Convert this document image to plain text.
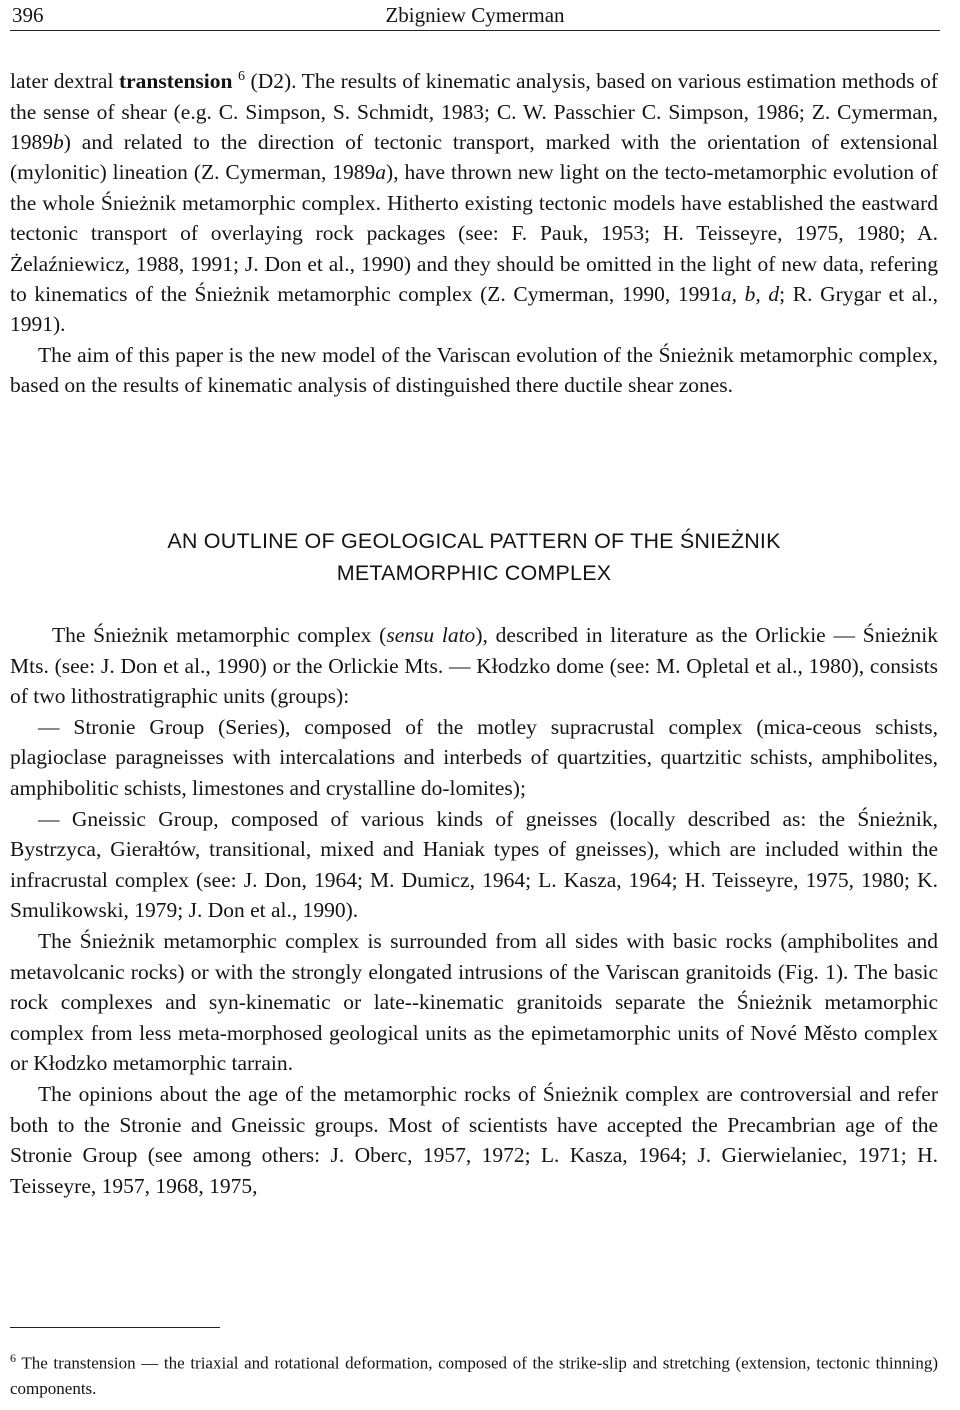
396	Zbigniew Cymerman

later dextral transtension $^6$ (D2). The results of kinematic analysis, based on various estimation methods of the sense of shear (e.g. C. Simpson, S. Schmidt, 1983; C. W. Passchier C. Simpson, 1986; Z. Cymerman, 1989b) and related to the direction of tectonic transport, marked with the orientation of extensional (mylonitic) lineation (Z. Cymerman, 1989a), have thrown new light on the tecto-metamorphic evolution of the whole Śnieżnik metamorphic complex. Hitherto existing tectonic models have established the eastward tectonic transport of overlaying rock packages (see: F. Pauk, 1953; H. Teisseyre, 1975, 1980; A. Żelaźniewicz, 1988, 1991; J. Don et al., 1990) and they should be omitted in the light of new data, refering to kinematics of the Śnieżnik metamorphic complex (Z. Cymerman, 1990, 1991a, b, d; R. Grygar et al., 1991).

The aim of this paper is the new model of the Variscan evolution of the Śnieżnik metamorphic complex, based on the results of kinematic analysis of distinguished there ductile shear zones.

AN OUTLINE OF GEOLOGICAL PATTERN OF THE ŚNIEŻNIK
METAMORPHIC COMPLEX

The Śnieżnik metamorphic complex (sensu lato), described in literature as the Orlickie — Śnieżnik Mts. (see: J. Don et al., 1990) or the Orlickie Mts. — Kłodzko dome (see: M. Opletal et al., 1980), consists of two lithostratigraphic units (groups):

— Stronie Group (Series), composed of the motley supracrustal complex (mica-ceous schists, plagioclase paragneisses with intercalations and interbeds of quartzities, quartzitic schists, amphibolites, amphibolitic schists, limestones and crystalline do-lomites);

— Gneissic Group, composed of various kinds of gneisses (locally described as: the Śnieżnik, Bystrzyca, Gierałtów, transitional, mixed and Haniak types of gneisses), which are included within the infracrustal complex (see: J. Don, 1964; M. Dumicz, 1964; L. Kasza, 1964; H. Teisseyre, 1975, 1980; K. Smulikowski, 1979; J. Don et al., 1990).

The Śnieżnik metamorphic complex is surrounded from all sides with basic rocks (amphibolites and metavolcanic rocks) or with the strongly elongated intrusions of the Variscan granitoids (Fig. 1). The basic rock complexes and syn-kinematic or late--kinematic granitoids separate the Śnieżnik metamorphic complex from less meta-morphosed geological units as the epimetamorphic units of Nové Město complex or Kłodzko metamorphic tarrain.

The opinions about the age of the metamorphic rocks of Śnieżnik complex are controversial and refer both to the Stronie and Gneissic groups. Most of scientists have accepted the Precambrian age of the Stronie Group (see among others: J. Oberc, 1957, 1972; L. Kasza, 1964; J. Gierwielaniec, 1971; H. Teisseyre, 1957, 1968, 1975,

$^6$ The transtension — the triaxial and rotational deformation, composed of the strike-slip and stretching (extension, tectonic thinning) components.
